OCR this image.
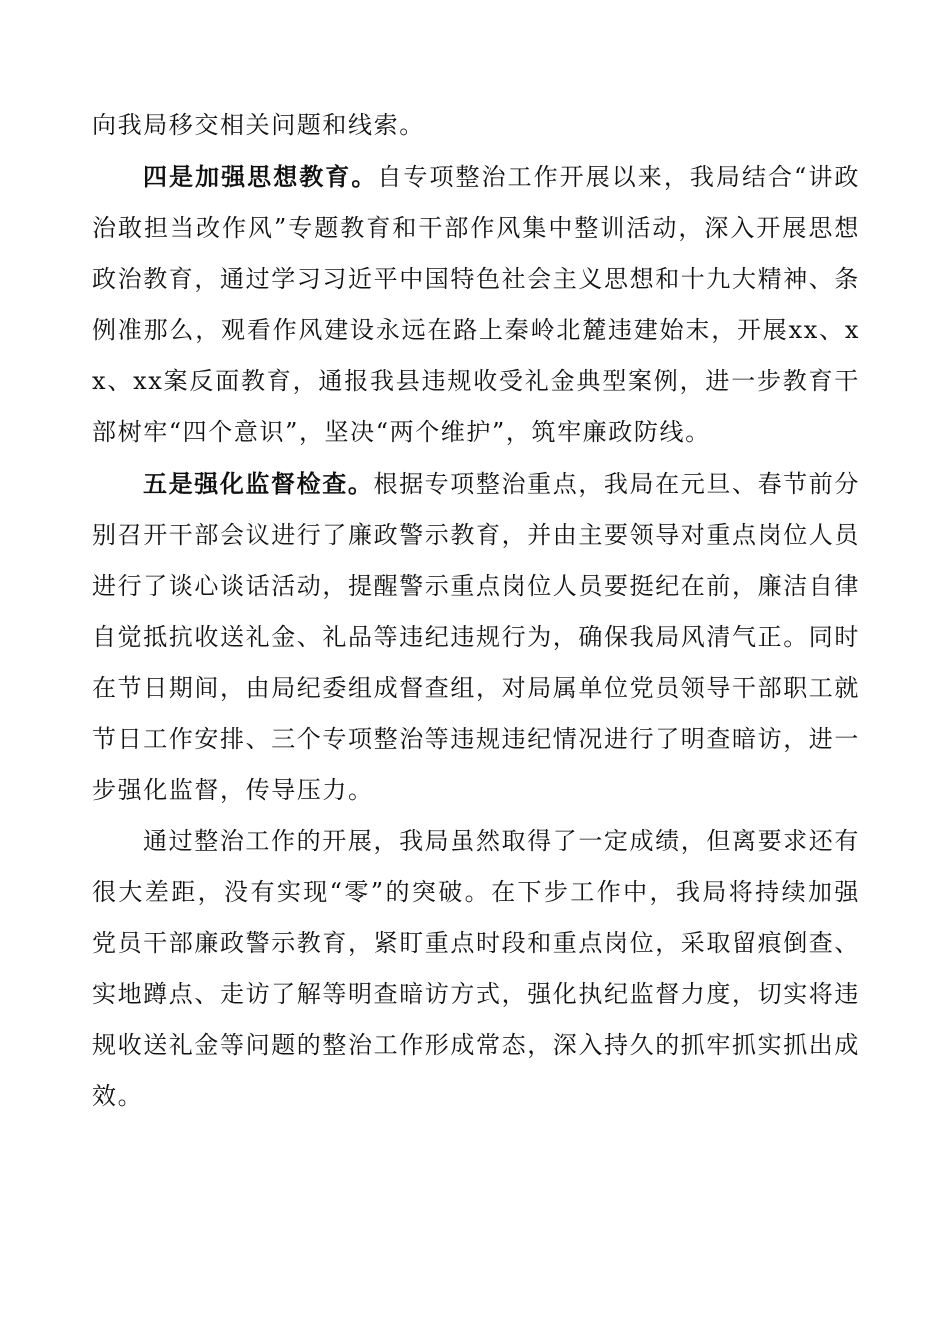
向我局移交相关问题和线索。

四是加强思想教育。自专项整治工作开展以来，我局结合“讲政治敢担当改作风”专题教育和干部作风集中整训活动，深入开展思想政治教育，通过学习习近平中国特色社会主义思想和十九大精神、条例准那么，观看作风建设永远在路上秦岭北麓违建始末，开展xx、xx、xx案反面教育，通报我县违规收受礼金典型案例，进一步教育干部树牢“四个意识”，坚决“两个维护”，筑牢廉政防线。

五是强化监督检查。根据专项整治重点，我局在元旦、春节前分别召开干部会议进行了廉政警示教育，并由主要领导对重点岗位人员进行了谈心谈话活动，提醒警示重点岗位人员要挺纪在前，廉洁自律自觉抵抗收送礼金、礼品等违纪违规行为，确保我局风清气正。同时在节日期间，由局纪委组成督查组，对局属单位党员领导干部职工就节日工作安排、三个专项整治等违规违纪情况进行了明查暗访，进一步强化监督，传导压力。

通过整治工作的开展，我局虽然取得了一定成绩，但离要求还有很大差距，没有实现“零”的突破。在下步工作中，我局将持续加强党员干部廉政警示教育，紧盯重点时段和重点岗位，采取留痕倒查、实地蹲点、走访了解等明查暗访方式，强化执纪监督力度，切实将违规收送礼金等问题的整治工作形成常态，深入持久的抓牢抓实抓出成效。
